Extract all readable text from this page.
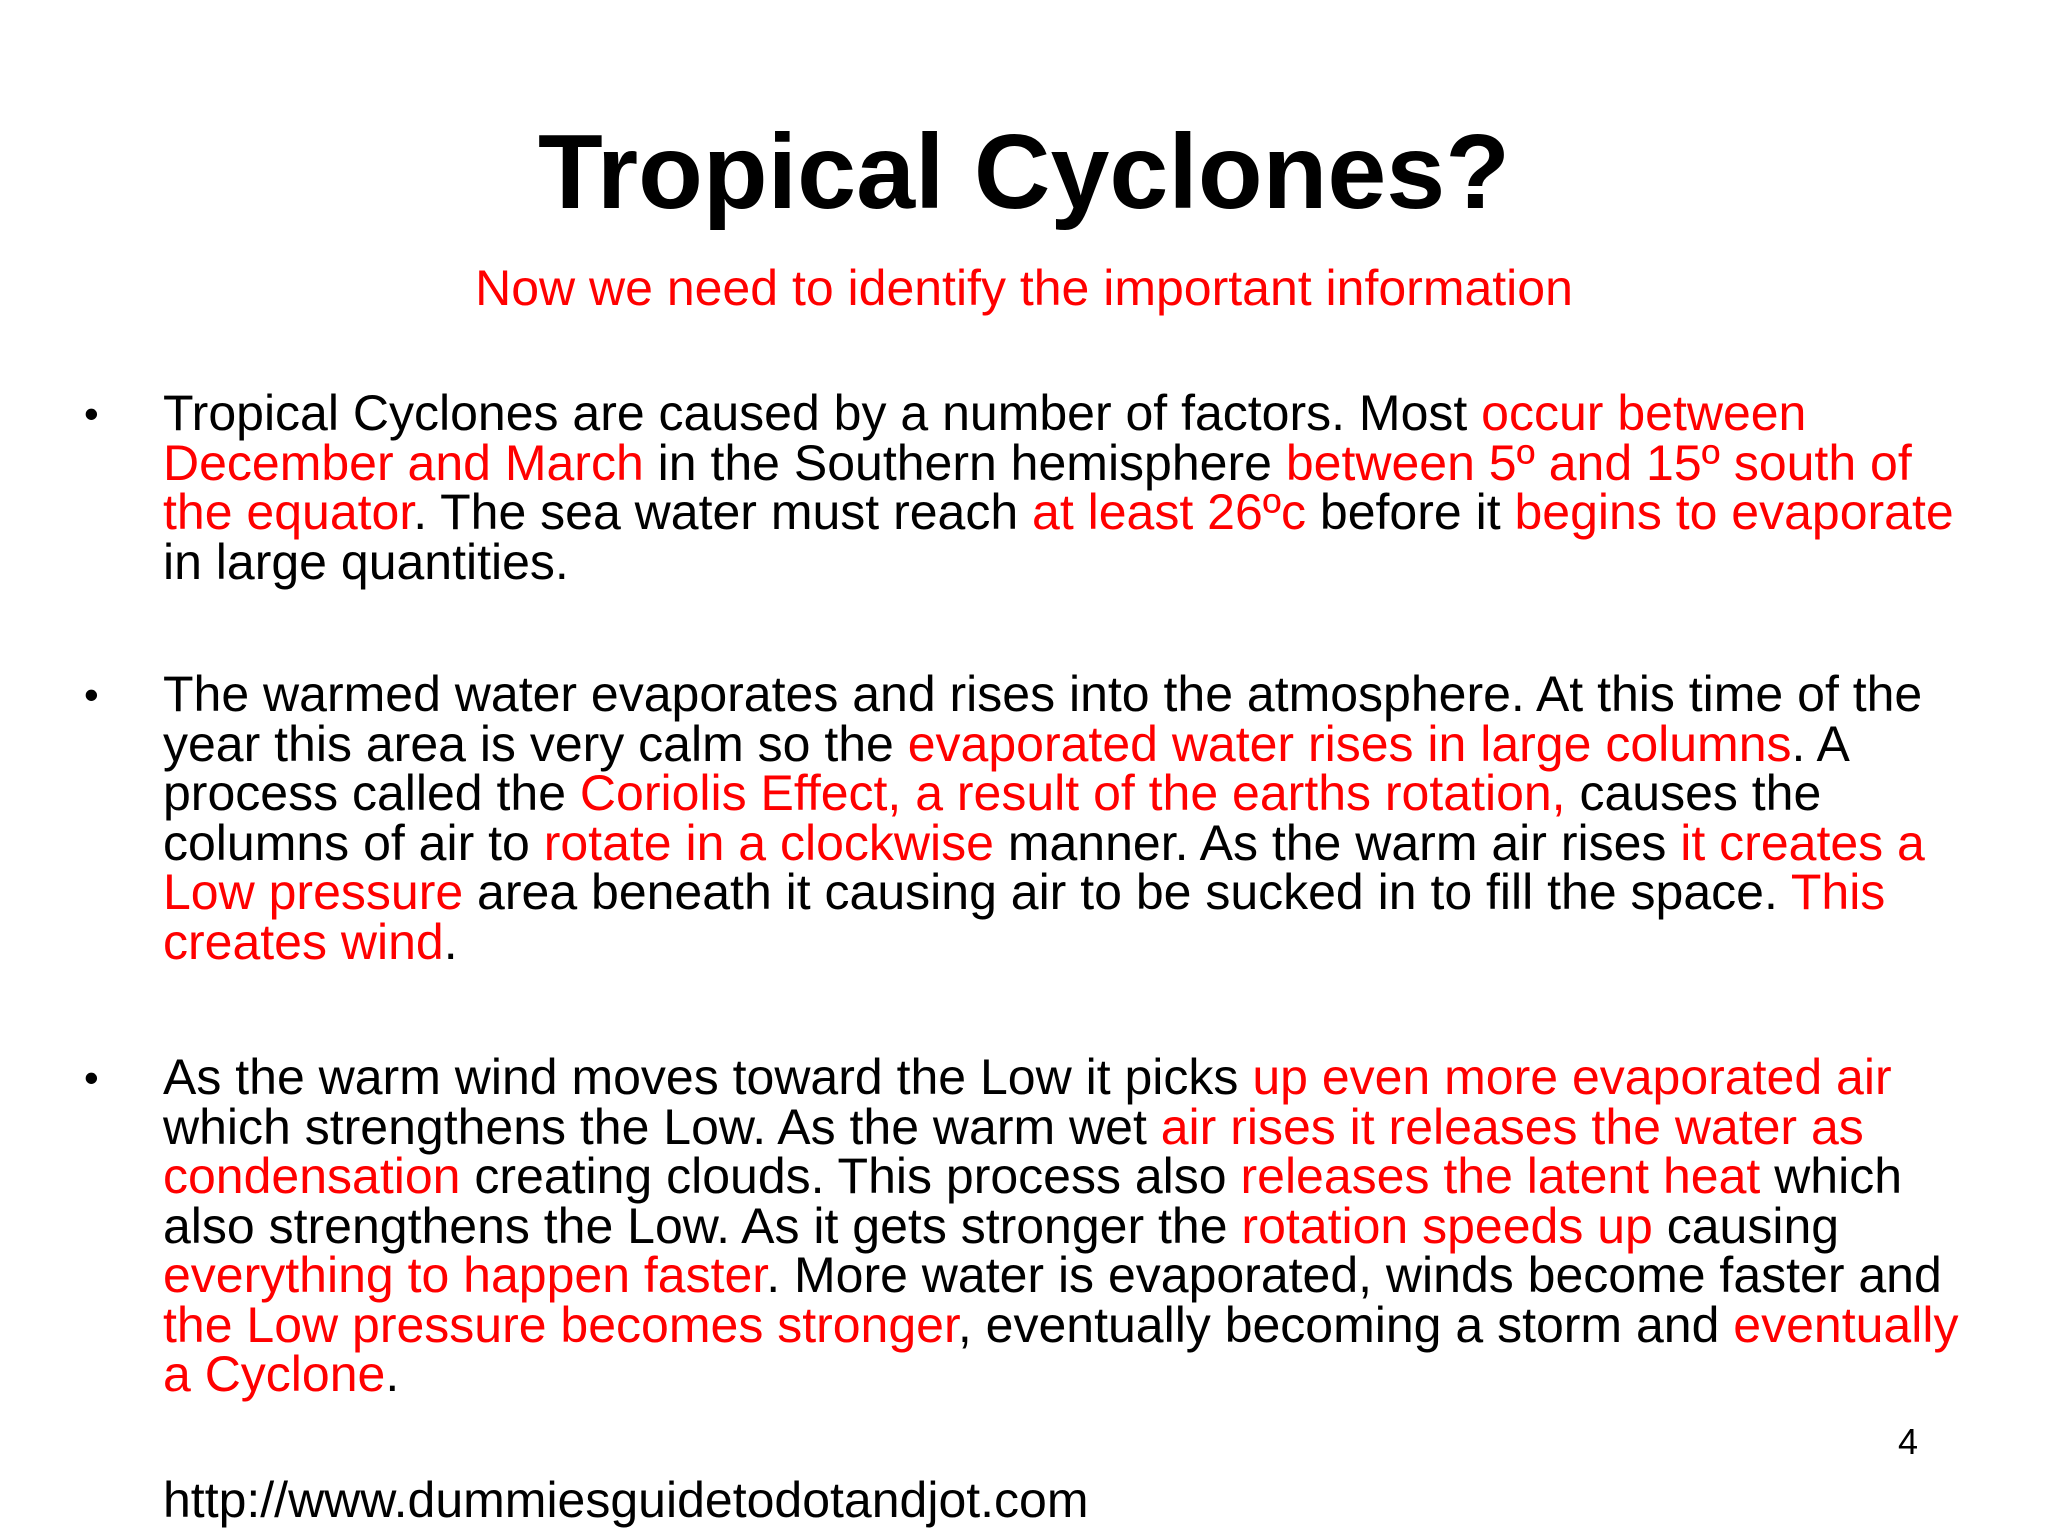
Tropical Cyclones?
Now we need to identify the important information
• Tropical Cyclones are caused by a number of factors. Most occur between December and March in the Southern hemisphere between 5º and 15º south of the equator. The sea water must reach at least 26ºc before it begins to evaporate in large quantities.

• The warmed water evaporates and rises into the atmosphere. At this time of the year this area is very calm so the evaporated water rises in large columns. A process called the Coriolis Effect, a result of the earths rotation, causes the columns of air to rotate in a clockwise manner. As the warm air rises it creates a Low pressure area beneath it causing air to be sucked in to fill the space. This creates wind.

• As the warm wind moves toward the Low it picks up even more evaporated air which strengthens the Low. As the warm wet air rises it releases the water as condensation creating clouds. This process also releases the latent heat which also strengthens the Low. As it gets stronger the rotation speeds up causing everything to happen faster. More water is evaporated, winds become faster and the Low pressure becomes stronger, eventually becoming a storm and eventually a Cyclone.

4
http://www.dummiesguidetodotandjot.com
